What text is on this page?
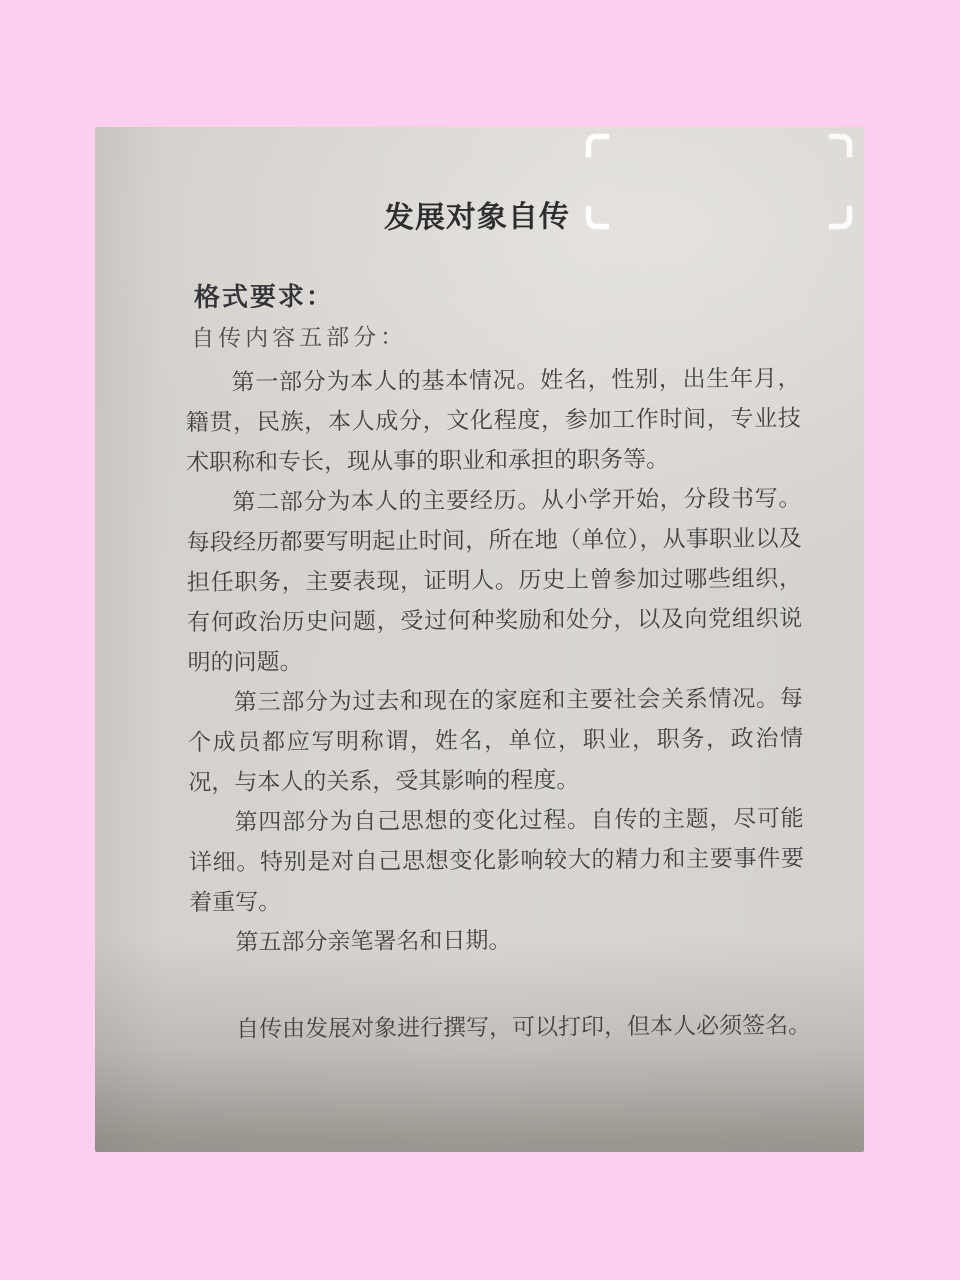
发展对象自传
格式要求：

自传内容五部分：

第一部分为本人的基本情况。姓名，性别，出生年月，籍贯，民族，本人成分，文化程度，参加工作时间，专业技术职称和专长，现从事的职业和承担的职务等。

第二部分为本人的主要经历。从小学开始，分段书写。每段经历都要写明起止时间，所在地（单位），从事职业以及担任职务，主要表现，证明人。历史上曾参加过哪些组织，有何政治历史问题，受过何种奖励和处分，以及向党组织说明的问题。

第三部分为过去和现在的家庭和主要社会关系情况。每个成员都应写明称谓，姓名，单位，职业，职务，政治情况，与本人的关系，受其影响的程度。

第四部分为自己思想的变化过程。自传的主题，尽可能详细。特别是对自己思想变化影响较大的精力和主要事件要着重写。

第五部分亲笔署名和日期。

自传由发展对象进行撰写，可以打印，但本人必须签名。
